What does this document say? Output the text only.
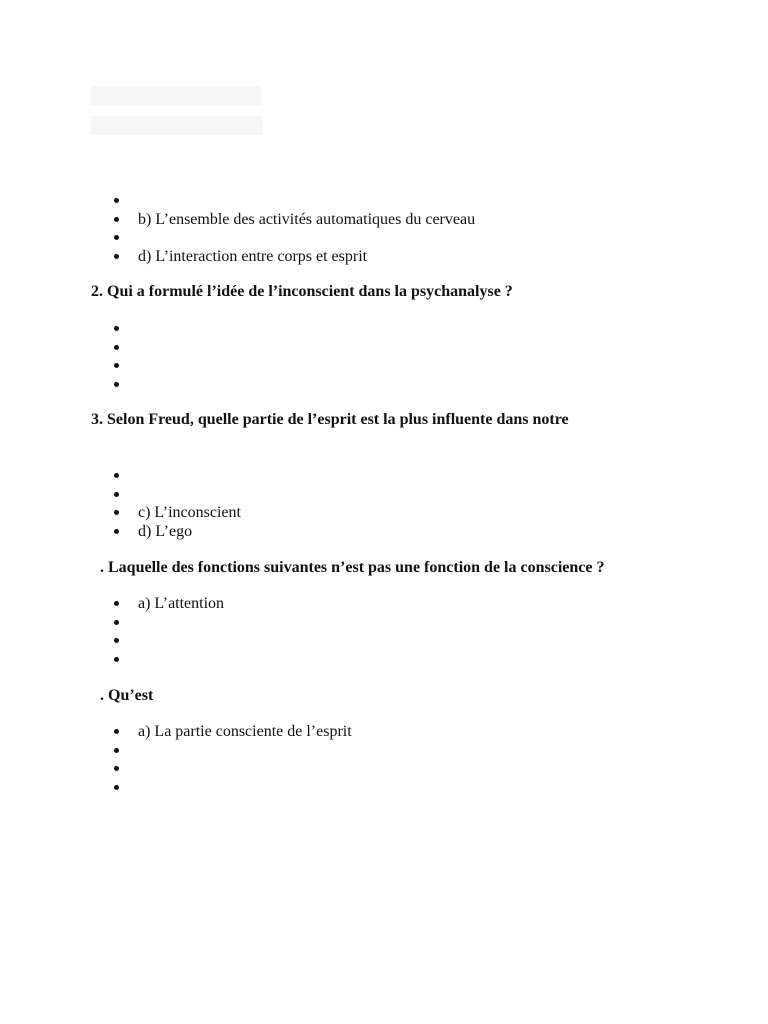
b) L’ensemble des activités automatiques du cerveau
d) L’interaction entre corps et esprit
2. Qui a formulé l’idée de l’inconscient dans la psychanalyse ?
3. Selon Freud, quelle partie de l’esprit est la plus influente dans notre
c) L’inconscient
d) L’ego
. Laquelle des fonctions suivantes n’est pas une fonction de la conscience ?
a) L’attention
. Qu’est
a) La partie consciente de l’esprit
